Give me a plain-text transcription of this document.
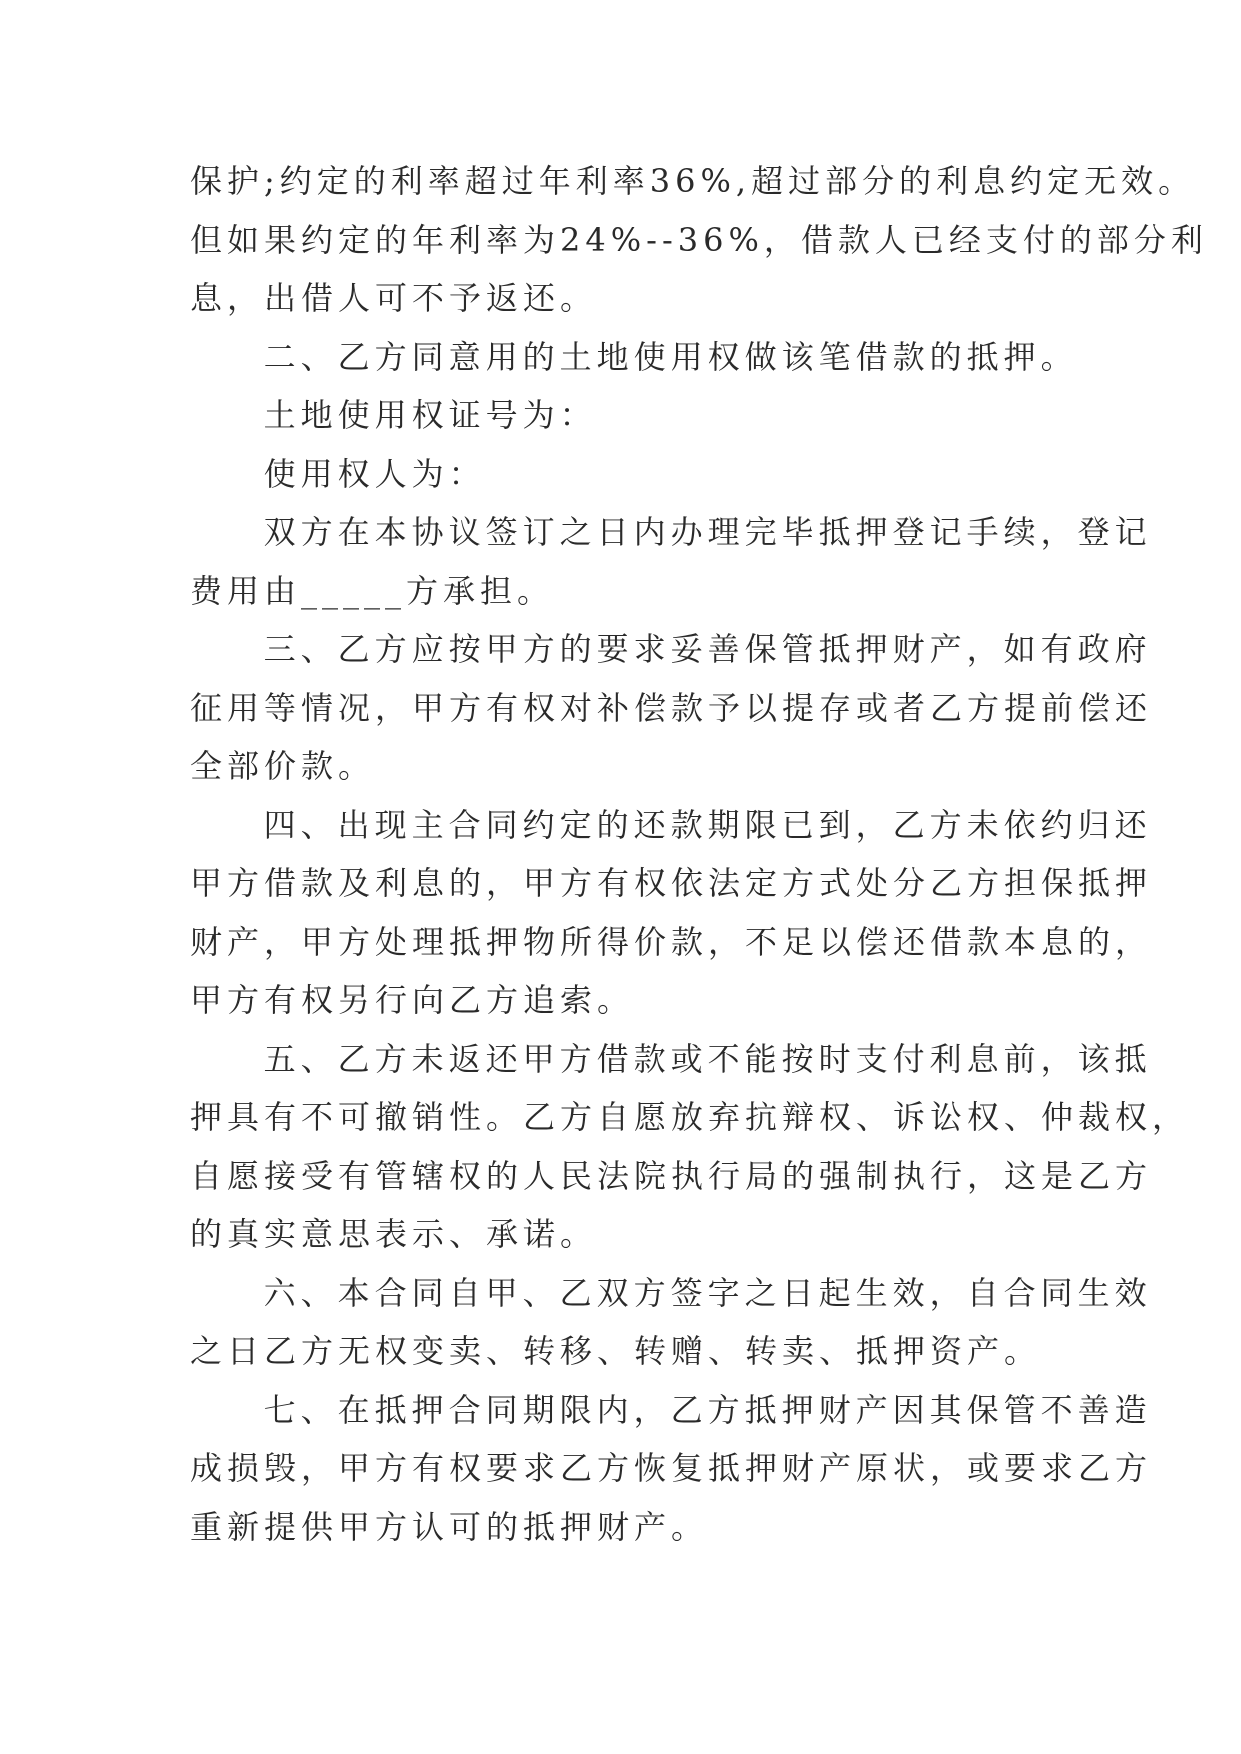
保护;约定的利率超过年利率36%,超过部分的利息约定无效。
但如果约定的年利率为24%--36%，借款人已经支付的部分利
息，出借人可不予返还。

二、乙方同意用的土地使用权做该笔借款的抵押。

土地使用权证号为：

使用权人为：

双方在本协议签订之日内办理完毕抵押登记手续，登记
费用由_____方承担。

三、乙方应按甲方的要求妥善保管抵押财产，如有政府
征用等情况，甲方有权对补偿款予以提存或者乙方提前偿还
全部价款。

四、出现主合同约定的还款期限已到，乙方未依约归还
甲方借款及利息的，甲方有权依法定方式处分乙方担保抵押
财产，甲方处理抵押物所得价款，不足以偿还借款本息的，
甲方有权另行向乙方追索。

五、乙方未返还甲方借款或不能按时支付利息前，该抵
押具有不可撤销性。乙方自愿放弃抗辩权、诉讼权、仲裁权，
自愿接受有管辖权的人民法院执行局的强制执行，这是乙方
的真实意思表示、承诺。

六、本合同自甲、乙双方签字之日起生效，自合同生效
之日乙方无权变卖、转移、转赠、转卖、抵押资产。

七、在抵押合同期限内，乙方抵押财产因其保管不善造
成损毁，甲方有权要求乙方恢复抵押财产原状，或要求乙方
重新提供甲方认可的抵押财产。
